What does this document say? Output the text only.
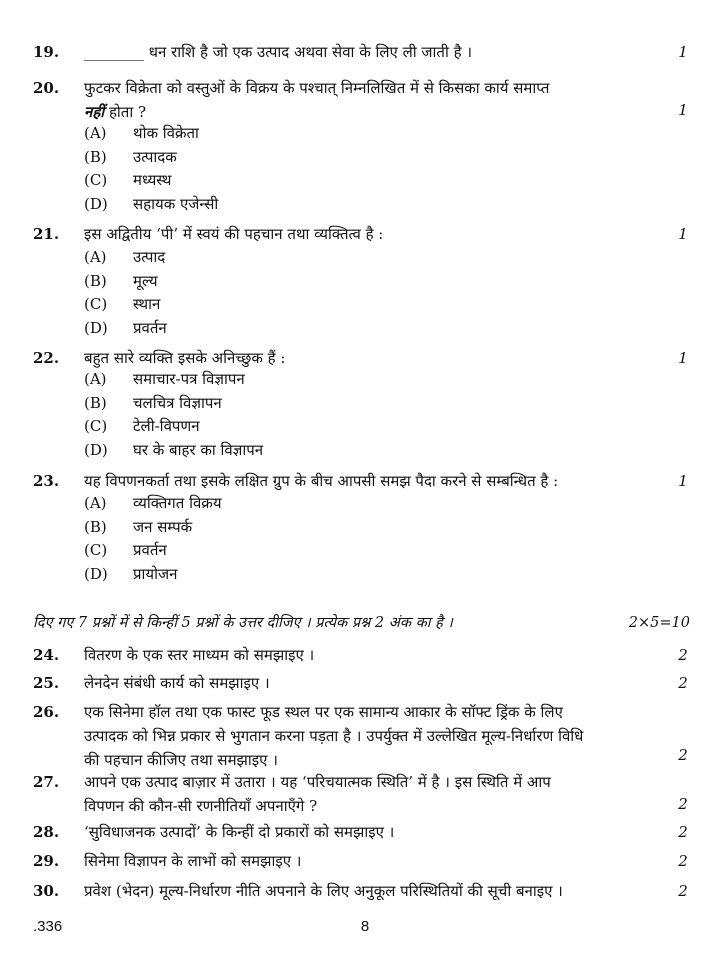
19. ________ धन राशि है जो एक उत्पाद अथवा सेवा के लिए ली जाती है ।	1
20. फुटकर विक्रेता को वस्तुओं के विक्रय के पश्चात् निम्नलिखित में से किसका कार्य समाप्त
नहीं होता ?	1
(A)	थोक विक्रेता
(B)	उत्पादक
(C)	मध्यस्थ
(D)	सहायक एजेन्सी
21. इस अद्वितीय ‘पी’ में स्वयं की पहचान तथा व्यक्तित्व है :	1
(A)	उत्पाद
(B)	मूल्य
(C)	स्थान
(D)	प्रवर्तन
22. बहुत सारे व्यक्ति इसके अनिच्छुक हैं :	1
(A)	समाचार-पत्र विज्ञापन
(B)	चलचित्र विज्ञापन
(C)	टेली-विपणन
(D)	घर के बाहर का विज्ञापन
23. यह विपणनकर्ता तथा इसके लक्षित ग्रुप के बीच आपसी समझ पैदा करने से सम्बन्धित है :	1
(A)	व्यक्तिगत विक्रय
(B)	जन सम्पर्क
(C)	प्रवर्तन
(D)	प्रायोजन
दिए गए 7 प्रश्नों में से किन्हीं 5 प्रश्नों के उत्तर दीजिए । प्रत्येक प्रश्न 2 अंक का है ।	2×5=10
24. वितरण के एक स्तर माध्यम को समझाइए ।	2
25. लेनदेन संबंधी कार्य को समझाइए ।	2
26. एक सिनेमा हॉल तथा एक फास्ट फूड स्थल पर एक सामान्य आकार के सॉफ्ट ड्रिंक के लिए
उत्पादक को भिन्न प्रकार से भुगतान करना पड़ता है । उपर्युक्त में उल्लेखित मूल्य-निर्धारण विधि
की पहचान कीजिए तथा समझाइए ।	2
27. आपने एक उत्पाद बाज़ार में उतारा । यह ‘परिचयात्मक स्थिति’ में है । इस स्थिति में आप
विपणन की कौन-सी रणनीतियाँ अपनाएँगे ?	2
28. ‘सुविधाजनक उत्पादों’ के किन्हीं दो प्रकारों को समझाइए ।	2
29. सिनेमा विज्ञापन के लाभों को समझाइए ।	2
30. प्रवेश (भेदन) मूल्य-निर्धारण नीति अपनाने के लिए अनुकूल परिस्थितियों की सूची बनाइए ।	2
.336	8
